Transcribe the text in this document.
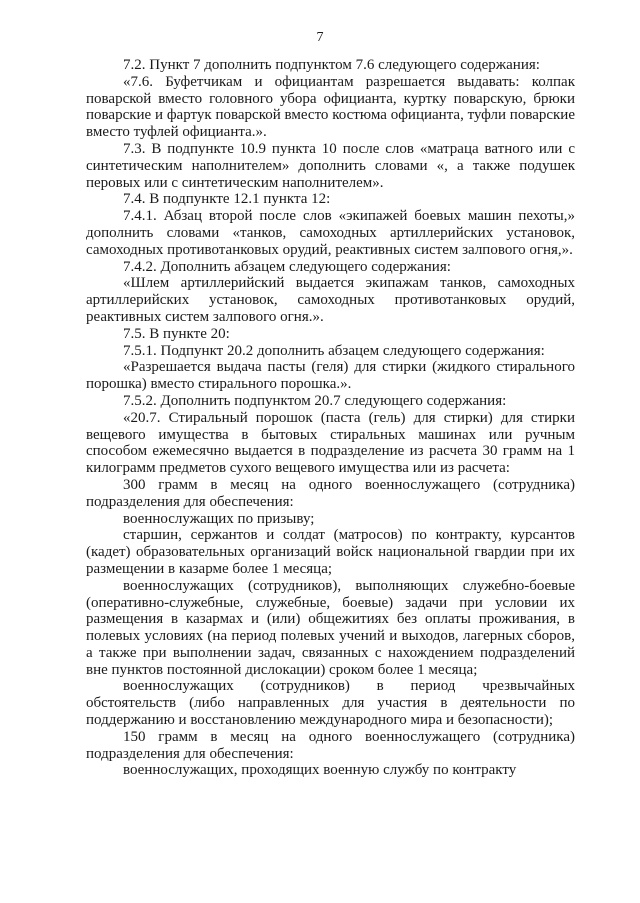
7

7.2. Пункт 7 дополнить подпунктом 7.6 следующего содержания:

«7.6. Буфетчикам и официантам разрешается выдавать: колпак поварской вместо головного убора официанта, куртку поварскую, брюки поварские и фартук поварской вместо костюма официанта, туфли поварские вместо туфлей официанта.».

7.3. В подпункте 10.9 пункта 10 после слов «матраца ватного или с синтетическим наполнителем» дополнить словами «, а также подушек перовых или с синтетическим наполнителем».

7.4. В подпункте 12.1 пункта 12:

7.4.1. Абзац второй после слов «экипажей боевых машин пехоты,» дополнить словами «танков, самоходных артиллерийских установок, самоходных противотанковых орудий, реактивных систем залпового огня,».

7.4.2. Дополнить абзацем следующего содержания:

«Шлем артиллерийский выдается экипажам танков, самоходных артиллерийских установок, самоходных противотанковых орудий, реактивных систем залпового огня.».

7.5. В пункте 20:

7.5.1. Подпункт 20.2 дополнить абзацем следующего содержания:

«Разрешается выдача пасты (геля) для стирки (жидкого стирального порошка) вместо стирального порошка.».

7.5.2. Дополнить подпунктом 20.7 следующего содержания:

«20.7. Стиральный порошок (паста (гель) для стирки) для стирки вещевого имущества в бытовых стиральных машинах или ручным способом ежемесячно выдается в подразделение из расчета 30 грамм на 1 килограмм предметов сухого вещевого имущества или из расчета:

300 грамм в месяц на одного военнослужащего (сотрудника) подразделения для обеспечения:

военнослужащих по призыву;

старшин, сержантов и солдат (матросов) по контракту, курсантов (кадет) образовательных организаций войск национальной гвардии при их размещении в казарме более 1 месяца;

военнослужащих (сотрудников), выполняющих служебно-боевые (оперативно-служебные, служебные, боевые) задачи при условии их размещения в казармах и (или) общежитиях без оплаты проживания, в полевых условиях (на период полевых учений и выходов, лагерных сборов, а также при выполнении задач, связанных с нахождением подразделений вне пунктов постоянной дислокации) сроком более 1 месяца;

военнослужащих (сотрудников) в период чрезвычайных обстоятельств (либо направленных для участия в деятельности по поддержанию и восстановлению международного мира и безопасности);

150 грамм в месяц на одного военнослужащего (сотрудника) подразделения для обеспечения:

военнослужащих, проходящих военную службу по контракту
